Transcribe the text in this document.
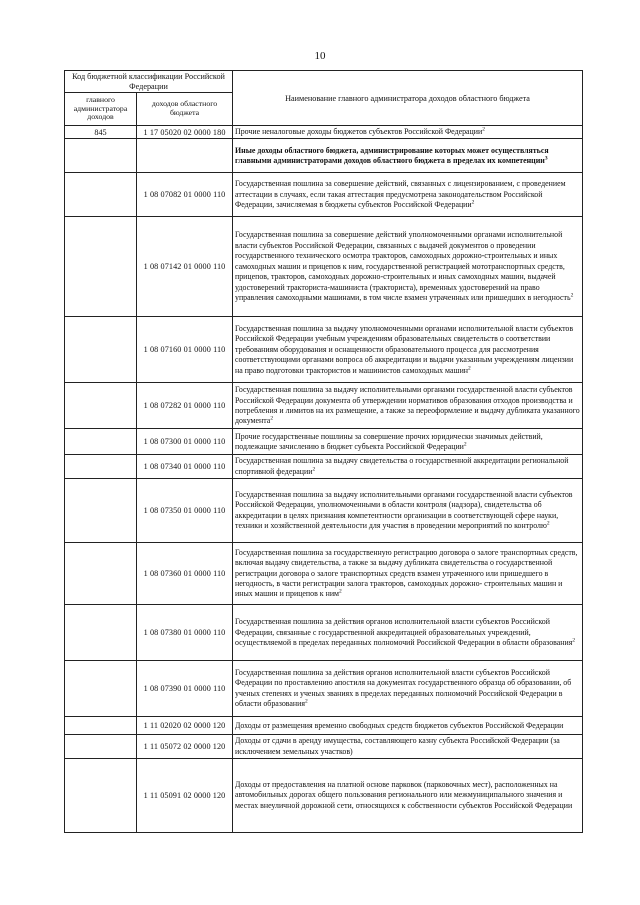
10
Код бюджетной классификации Российской Федерации		Наименование главного администратора доходов областного бюджета
главного администратора доходов	доходов областного бюджета	
845	1 17 05020 02 0000 180	Прочие неналоговые доходы бюджетов субъектов Российской Федерации$^2$
		Иные доходы областного бюджета, администрирование которых может осуществляться главными администраторами доходов областного бюджета в пределах их компетенции$^3$
	1 08 07082 01 0000 110	Государственная пошлина за совершение действий, связанных с лицензированием, с проведением аттестации в случаях, если такая аттестация предусмотрена законодательством Российской Федерации, зачисляемая в бюджеты субъектов Российской Федерации$^2$
	1 08 07142 01 0000 110	Государственная пошлина за совершение действий уполномоченными органами исполнительной власти субъектов Российской Федерации, связанных с выдачей документов о проведении государственного технического осмотра тракторов, самоходных дорожно-строительных и иных самоходных машин и прицепов к ним, государственной регистрацией мототранспортных средств, прицепов, тракторов, самоходных дорожно-строительных и иных самоходных машин, выдачей удостоверений тракториста-машиниста (тракториста), временных удостоверений на право управления самоходными машинами, в том числе взамен утраченных или пришедших в негодность$^2$
	1 08 07160 01 0000 110	Государственная пошлина за выдачу уполномоченными органами исполнительной власти субъектов Российской Федерации учебным учреждениям образовательных свидетельств о соответствии требованиям оборудования и оснащенности образовательного процесса для рассмотрения соответствующими органами вопроса об аккредитации и выдачи указанным учреждениям лицензии на право подготовки трактористов и машинистов самоходных машин$^2$
	1 08 07282 01 0000 110	Государственная пошлина за выдачу исполнительными органами государственной власти субъектов Российской Федерации документа об утверждении нормативов образования отходов производства и потребления и лимитов на их размещение, а также за переоформление и выдачу дубликата указанного документа$^2$
	1 08 07300 01 0000 110	Прочие государственные пошлины за совершение прочих юридически значимых действий, подлежащие зачислению в бюджет субъекта Российской Федерации$^2$
	1 08 07340 01 0000 110	Государственная пошлина за выдачу свидетельства о государственной аккредитации региональной спортивной федерации$^2$
	1 08 07350 01 0000 110	Государственная пошлина за выдачу исполнительными органами государственной власти субъектов Российской Федерации, уполномоченными в области контроля (надзора), свидетельства об аккредитации в целях признания компетентности организации в соответствующей сфере науки, техники и хозяйственной деятельности для участия в проведении мероприятий по контролю$^2$
	1 08 07360 01 0000 110	Государственная пошлина за государственную регистрацию договора о залоге транспортных средств, включая выдачу свидетельства, а также за выдачу дубликата свидетельства о государственной регистрации договора о залоге транспортных средств взамен утраченного или пришедшего в негодность, в части регистрации залога тракторов, самоходных дорожно- строительных машин и иных машин и прицепов к ним$^2$
	1 08 07380 01 0000 110	Государственная пошлина за действия органов исполнительной власти субъектов Российской Федерации, связанные с государственной аккредитацией образовательных учреждений, осуществляемой в пределах переданных полномочий Российской Федерации в области образования$^2$
	1 08 07390 01 0000 110	Государственная пошлина за действия органов исполнительной власти субъектов Российской Федерации по проставлению апостиля на документах государственного образца об образовании, об ученых степенях и ученых званиях в пределах переданных полномочий Российской Федерации в области образования$^2$
	1 11 02020 02 0000 120	Доходы от размещения временно свободных средств бюджетов субъектов Российской Федерации
	1 11 05072 02 0000 120	Доходы от сдачи в аренду имущества, составляющего казну субъекта Российской Федерации (за исключением земельных участков)
	1 11 05091 02 0000 120	Доходы от предоставления на платной основе парковок (парковочных мест), расположенных на автомобильных дорогах общего пользования регионального или межмуниципального значения и местах внеуличной дорожной сети, относящихся к собственности субъектов Российской Федерации
